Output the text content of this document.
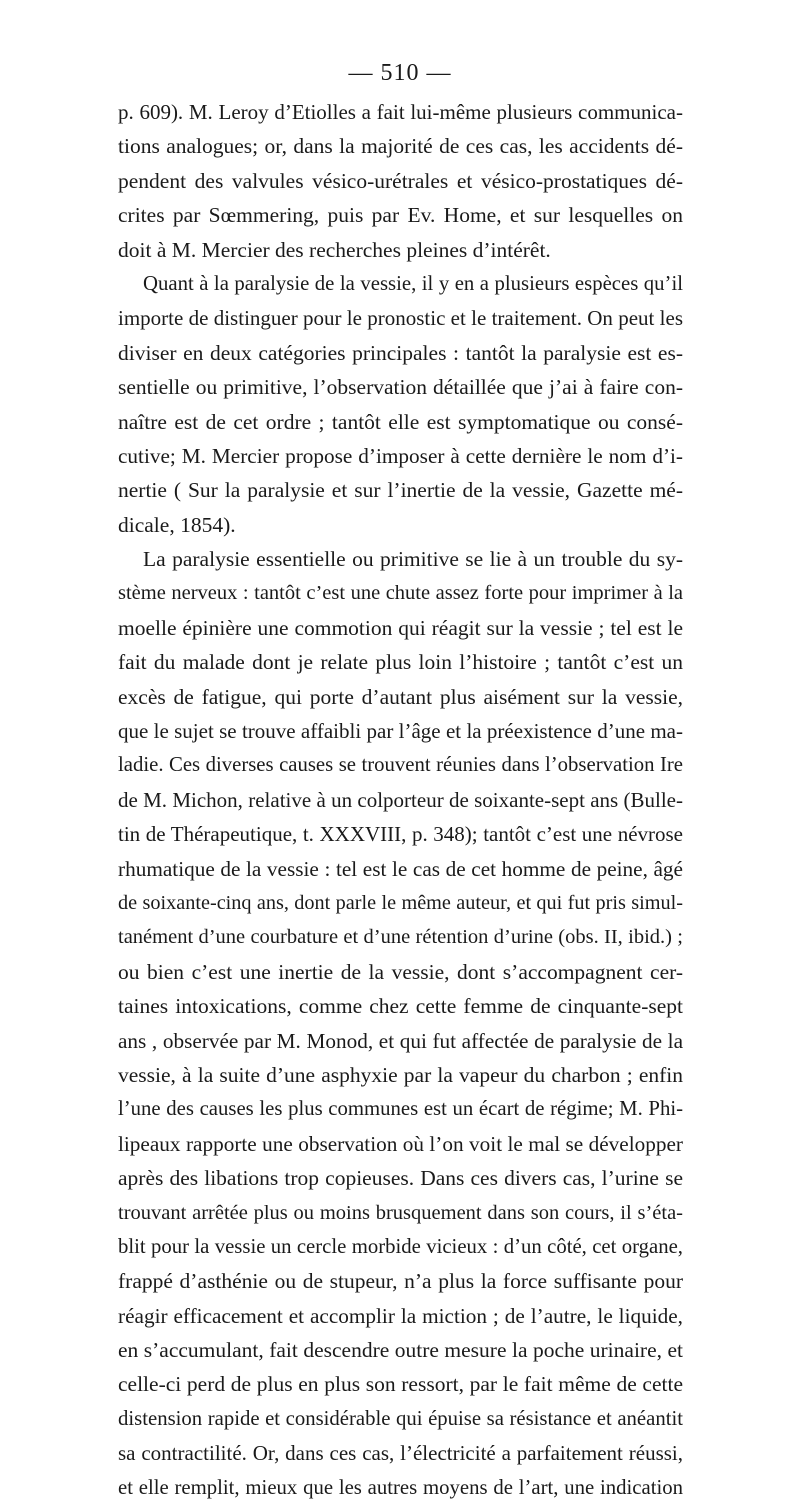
— 510 —
p. 609). M. Leroy d’Etiolles a fait lui-même plusieurs communica-
tions analogues; or, dans la majorité de ces cas, les accidents dé-
pendent des valvules vésico-urétrales et vésico-prostatiques dé-
crites par Sœmmering, puis par Ev. Home, et sur lesquelles on
doit à M. Mercier des recherches pleines d’intérêt.
Quant à la paralysie de la vessie, il y en a plusieurs espèces qu’il
importe de distinguer pour le pronostic et le traitement. On peut les
diviser en deux catégories principales : tantôt la paralysie est es-
sentielle ou primitive, l’observation détaillée que j’ai à faire con-
naître est de cet ordre ; tantôt elle est symptomatique ou consé-
cutive; M. Mercier propose d’imposer à cette dernière le nom d’i-
nertie ( Sur la paralysie et sur l’inertie de la vessie, Gazette mé-
dicale, 1854).
La paralysie essentielle ou primitive se lie à un trouble du sy-
stème nerveux : tantôt c’est une chute assez forte pour imprimer à la
moelle épinière une commotion qui réagit sur la vessie ; tel est le
fait du malade dont je relate plus loin l’histoire ; tantôt c’est un
excès de fatigue, qui porte d’autant plus aisément sur la vessie,
que le sujet se trouve affaibli par l’âge et la préexistence d’une ma-
ladie. Ces diverses causes se trouvent réunies dans l’observation Ire
de M. Michon, relative à un colporteur de soixante-sept ans (Bulle-
tin de Thérapeutique, t. XXXVIII, p. 348); tantôt c’est une névrose
rhumatique de la vessie : tel est le cas de cet homme de peine, âgé
de soixante-cinq ans, dont parle le même auteur, et qui fut pris simul-
tanément d’une courbature et d’une rétention d’urine (obs. II, ibid.) ;
ou bien c’est une inertie de la vessie, dont s’accompagnent cer-
taines intoxications, comme chez cette femme de cinquante-sept
ans , observée par M. Monod, et qui fut affectée de paralysie de la
vessie, à la suite d’une asphyxie par la vapeur du charbon ; enfin
l’une des causes les plus communes est un écart de régime; M. Phi-
lipeaux rapporte une observation où l’on voit le mal se développer
après des libations trop copieuses. Dans ces divers cas, l’urine se
trouvant arrêtée plus ou moins brusquement dans son cours, il s’éta-
blit pour la vessie un cercle morbide vicieux : d’un côté, cet organe,
frappé d’asthénie ou de stupeur, n’a plus la force suffisante pour
réagir efficacement et accomplir la miction ; de l’autre, le liquide,
en s’accumulant, fait descendre outre mesure la poche urinaire, et
celle-ci perd de plus en plus son ressort, par le fait même de cette
distension rapide et considérable qui épuise sa résistance et anéantit
sa contractilité. Or, dans ces cas, l’électricité a parfaitement réussi,
et elle remplit, mieux que les autres moyens de l’art, une indication
